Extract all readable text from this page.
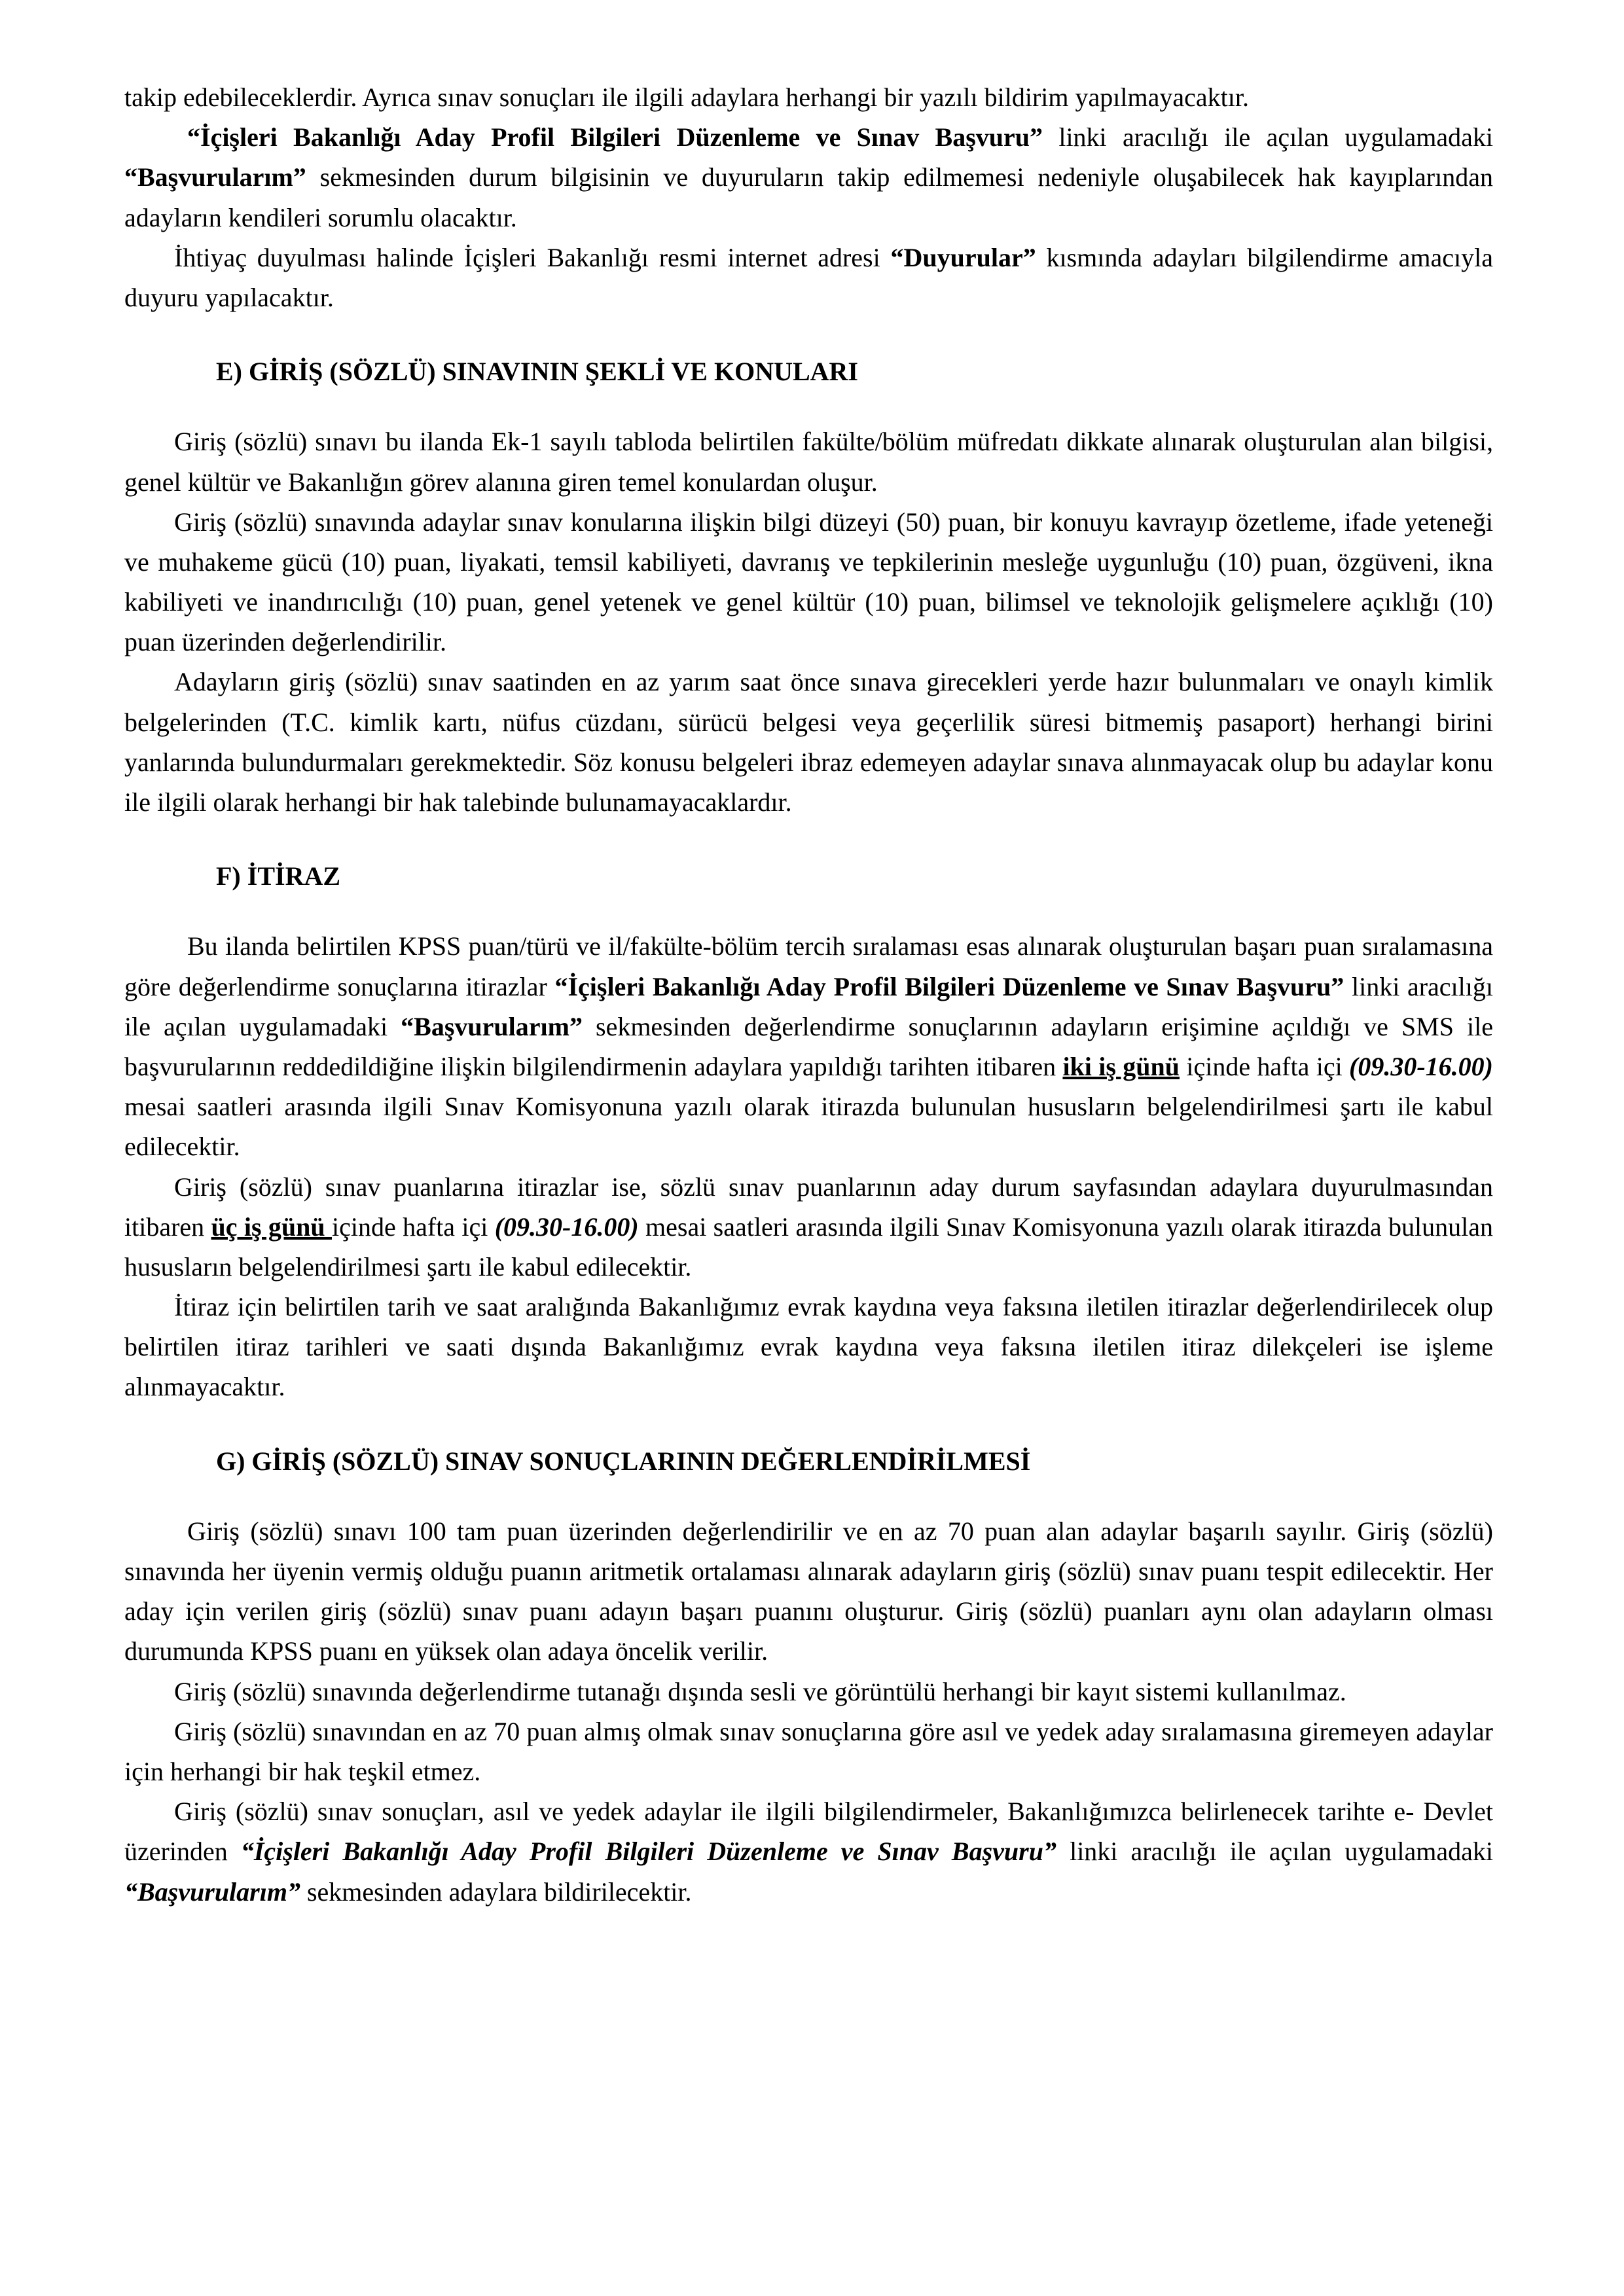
takip edebileceklerdir. Ayrıca sınav sonuçları ile ilgili adaylara herhangi bir yazılı bildirim yapılmayacaktır.

“İçişleri Bakanlığı Aday Profil Bilgileri Düzenleme ve Sınav Başvuru” linki aracılığı ile açılan uygulamadaki “Başvurularım” sekmesinden durum bilgisinin ve duyuruların takip edilmemesi nedeniyle oluşabilecek hak kayıplarından adayların kendileri sorumlu olacaktır.

İhtiyaç duyulması halinde İçişleri Bakanlığı resmi internet adresi “Duyurular” kısmında adayları bilgilendirme amacıyla duyuru yapılacaktır.

E) GİRİŞ (SÖZLÜ) SINAVININ ŞEKLİ VE KONULARI

Giriş (sözlü) sınavı bu ilanda Ek-1 sayılı tabloda belirtilen fakülte/bölüm müfredatı dikkate alınarak oluşturulan alan bilgisi, genel kültür ve Bakanlığın görev alanına giren temel konulardan oluşur.

Giriş (sözlü) sınavında adaylar sınav konularına ilişkin bilgi düzeyi (50) puan, bir konuyu kavrayıp özetleme, ifade yeteneği ve muhakeme gücü (10) puan, liyakati, temsil kabiliyeti, davranış ve tepkilerinin mesleğe uygunluğu (10) puan, özgüveni, ikna kabiliyeti ve inandırıcılığı (10) puan, genel yetenek ve genel kültür (10) puan, bilimsel ve teknolojik gelişmelere açıklığı (10) puan üzerinden değerlendirilir.

Adayların giriş (sözlü) sınav saatinden en az yarım saat önce sınava girecekleri yerde hazır bulunmaları ve onaylı kimlik belgelerinden (T.C. kimlik kartı, nüfus cüzdanı, sürücü belgesi veya geçerlilik süresi bitmemiş pasaport) herhangi birini yanlarında bulundurmaları gerekmektedir. Söz konusu belgeleri ibraz edemeyen adaylar sınava alınmayacak olup bu adaylar konu ile ilgili olarak herhangi bir hak talebinde bulunamayacaklardır.

F) İTİRAZ

Bu ilanda belirtilen KPSS puan/türü ve il/fakülte-bölüm tercih sıralaması esas alınarak oluşturulan başarı puan sıralamasına göre değerlendirme sonuçlarına itirazlar “İçişleri Bakanlığı Aday Profil Bilgileri Düzenleme ve Sınav Başvuru” linki aracılığı ile açılan uygulamadaki “Başvurularım” sekmesinden değerlendirme sonuçlarının adayların erişimine açıldığı ve SMS ile başvurularının reddedildiğine ilişkin bilgilendirmenin adaylara yapıldığı tarihten itibaren iki iş günü içinde hafta içi (09.30-16.00) mesai saatleri arasında ilgili Sınav Komisyonuna yazılı olarak itirazda bulunulan hususların belgelendirilmesi şartı ile kabul edilecektir.

Giriş (sözlü) sınav puanlarına itirazlar ise, sözlü sınav puanlarının aday durum sayfasından adaylara duyurulmasından itibaren üç iş günü içinde hafta içi (09.30-16.00) mesai saatleri arasında ilgili Sınav Komisyonuna yazılı olarak itirazda bulunulan hususların belgelendirilmesi şartı ile kabul edilecektir.

İtiraz için belirtilen tarih ve saat aralığında Bakanlığımız evrak kaydına veya faksına iletilen itirazlar değerlendirilecek olup belirtilen itiraz tarihleri ve saati dışında Bakanlığımız evrak kaydına veya faksına iletilen itiraz dilekçeleri ise işleme alınmayacaktır.

G) GİRİŞ (SÖZLÜ) SINAV SONUÇLARININ DEĞERLENDİRİLMESİ

Giriş (sözlü) sınavı 100 tam puan üzerinden değerlendirilir ve en az 70 puan alan adaylar başarılı sayılır. Giriş (sözlü) sınavında her üyenin vermiş olduğu puanın aritmetik ortalaması alınarak adayların giriş (sözlü) sınav puanı tespit edilecektir. Her aday için verilen giriş (sözlü) sınav puanı adayın başarı puanını oluşturur. Giriş (sözlü) puanları aynı olan adayların olması durumunda KPSS puanı en yüksek olan adaya öncelik verilir.

Giriş (sözlü) sınavında değerlendirme tutanağı dışında sesli ve görüntülü herhangi bir kayıt sistemi kullanılmaz.

Giriş (sözlü) sınavından en az 70 puan almış olmak sınav sonuçlarına göre asıl ve yedek aday sıralamasına giremeyen adaylar için herhangi bir hak teşkil etmez.

Giriş (sözlü) sınav sonuçları, asıl ve yedek adaylar ile ilgili bilgilendirmeler, Bakanlığımızca belirlenecek tarihte e- Devlet üzerinden “İçişleri Bakanlığı Aday Profil Bilgileri Düzenleme ve Sınav Başvuru” linki aracılığı ile açılan uygulamadaki “Başvurularım” sekmesinden adaylara bildirilecektir.
